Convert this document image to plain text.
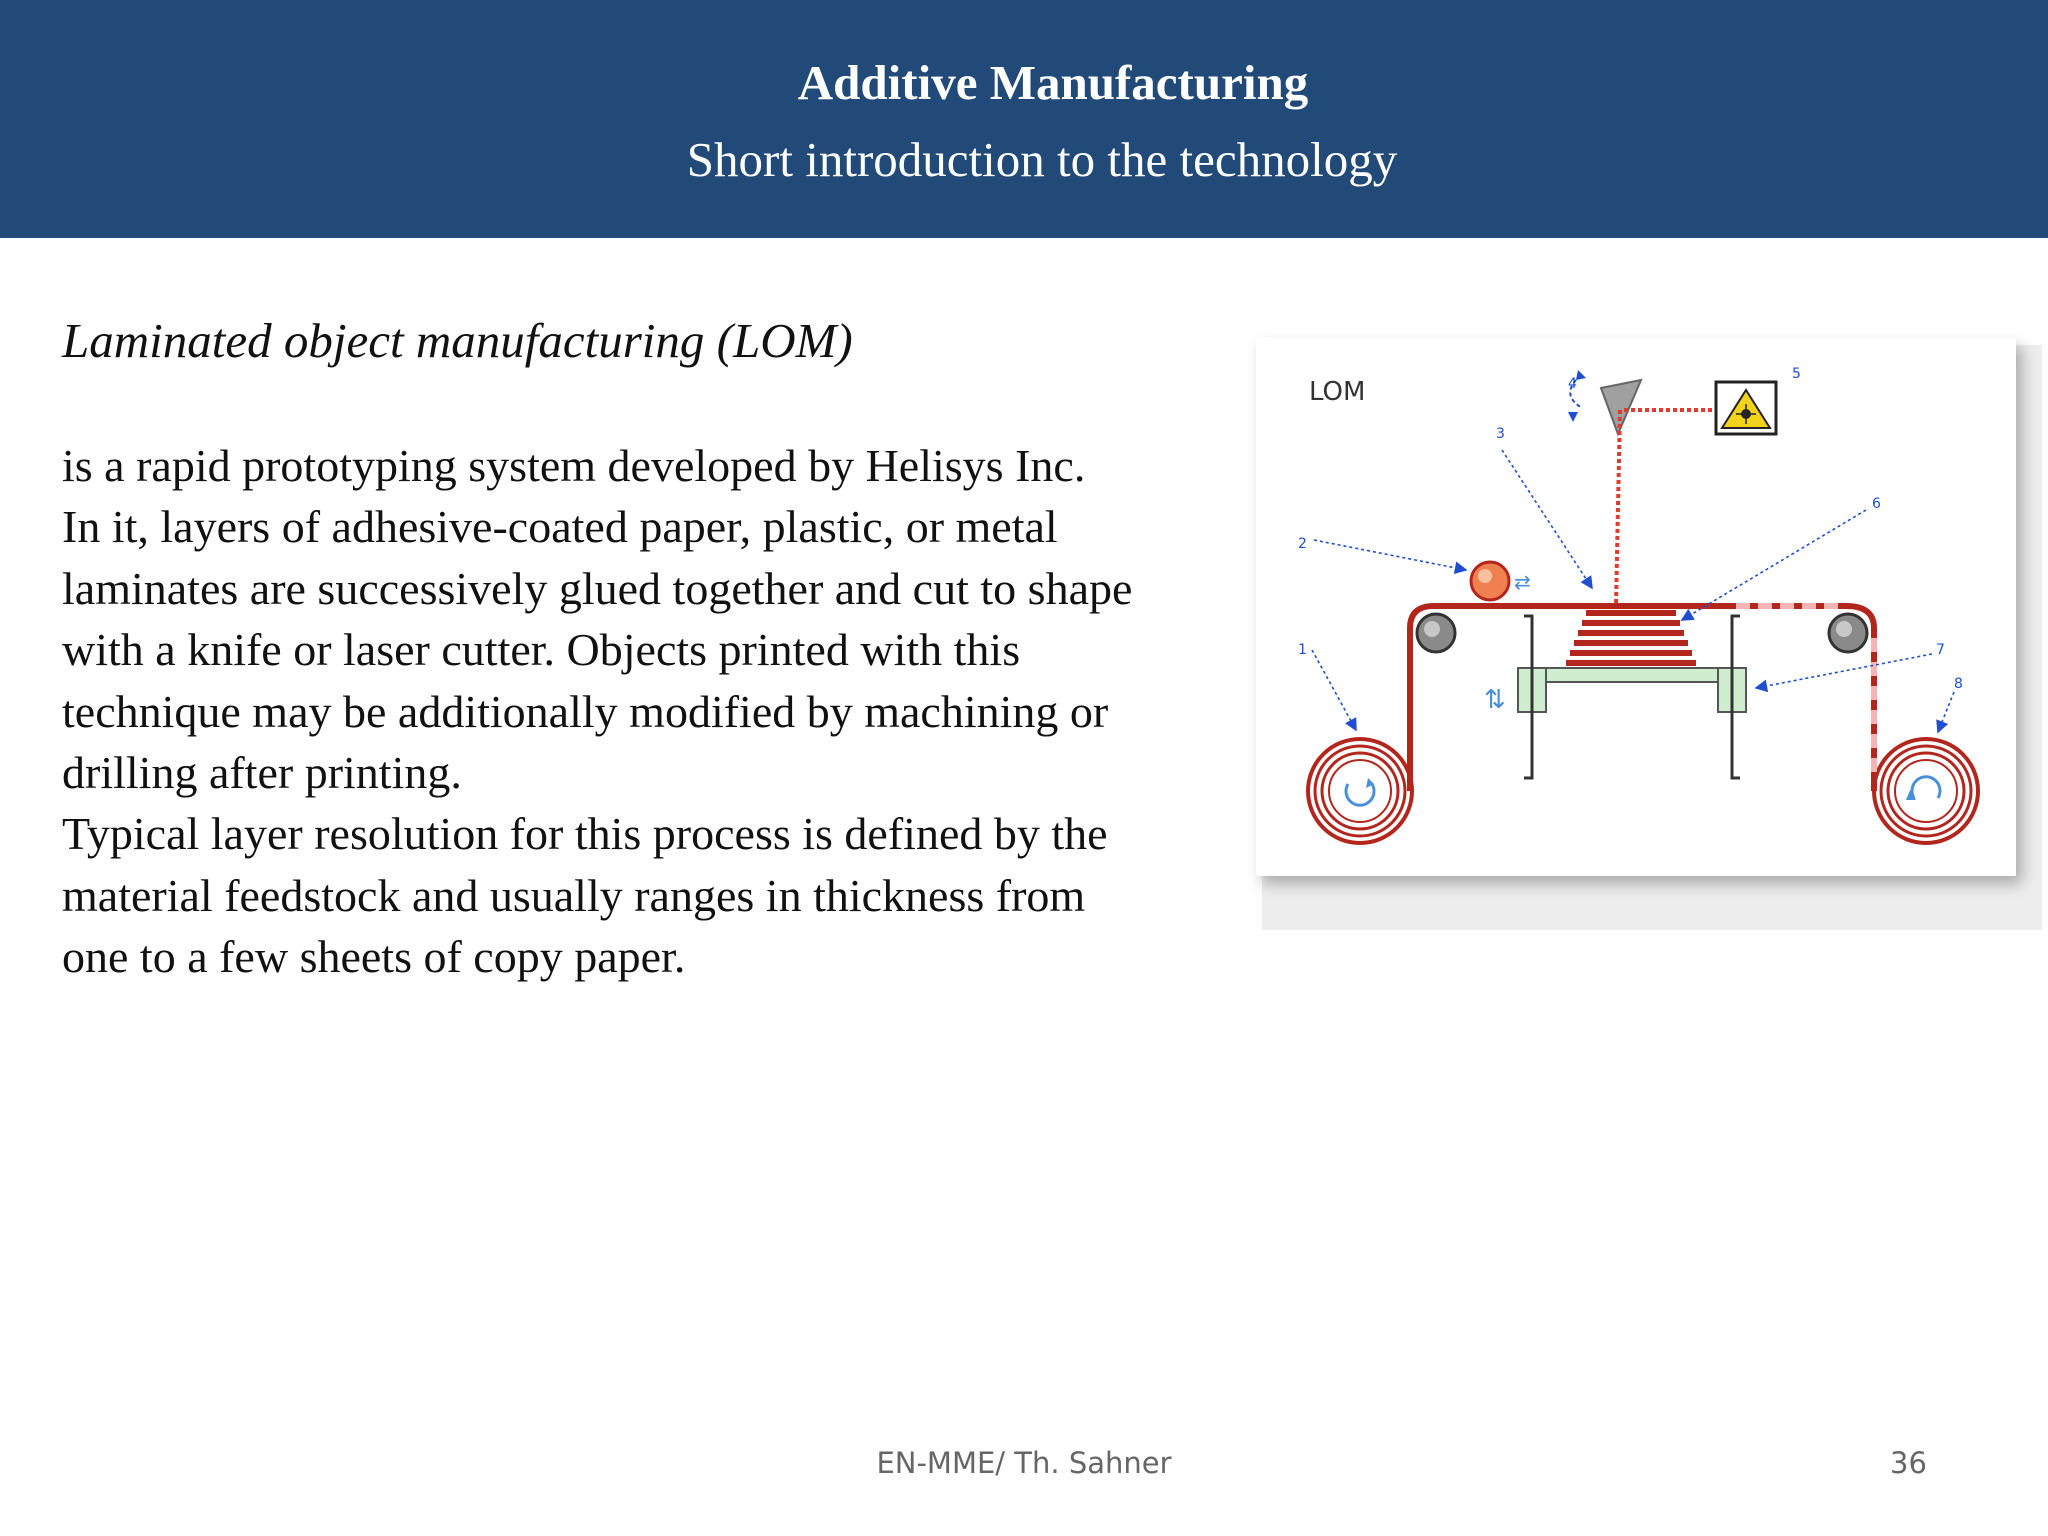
Additive Manufacturing
Short introduction to the technology
Laminated object manufacturing (LOM)

is a rapid prototyping system developed by Helisys Inc.

In it, layers of adhesive-coated paper, plastic, or metal

laminates are successively glued together and cut to shape

with a knife or laser cutter. Objects printed with this

technique may be additionally modified by machining or

drilling after printing.

Typical layer resolution for this process is defined by the

material feedstock and usually ranges in thickness from

one to a few sheets of copy paper.

LOM
⇄
⇅
1
2
3
4
5
6
7
8
EN-MME/ Th. Sahner	36
